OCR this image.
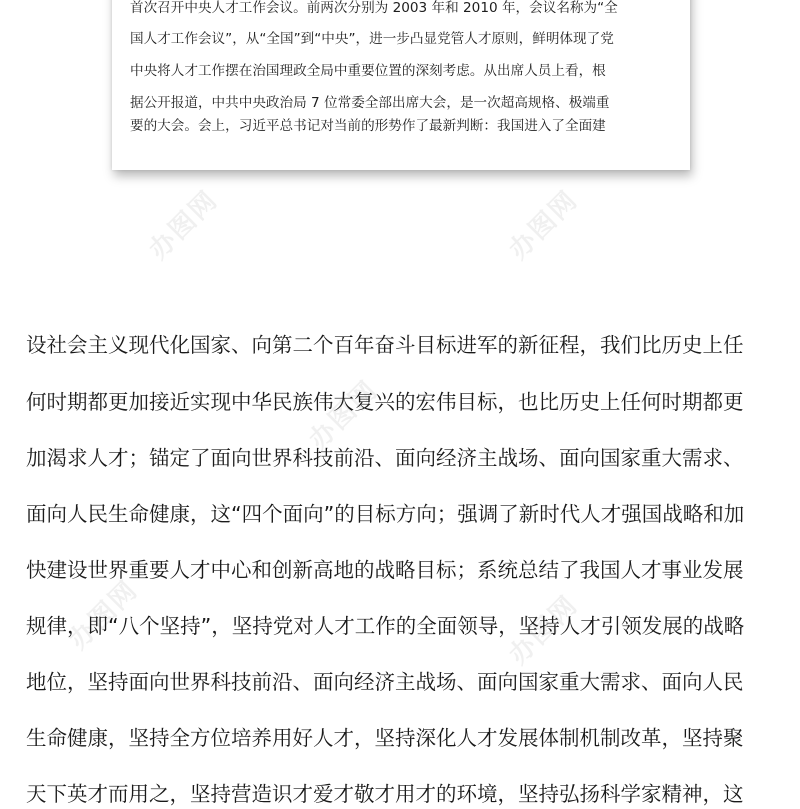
办图网	办图网
办图网
办图网	办图网
首次召开中央人才工作会议。前两次分别为 2003 年和 2010 年，会议名称为“全
国人才工作会议”，从“全国”到“中央”，进一步凸显党管人才原则，鲜明体现了党
中央将人才工作摆在治国理政全局中重要位置的深刻考虑。从出席人员上看，根
据公开报道，中共中央政治局 7 位常委全部出席大会，是一次超高规格、极端重
要的大会。会上，习近平总书记对当前的形势作了最新判断：我国进入了全面建
设社会主义现代化国家、向第二个百年奋斗目标进军的新征程，我们比历史上任
何时期都更加接近实现中华民族伟大复兴的宏伟目标，也比历史上任何时期都更
加渴求人才；锚定了面向世界科技前沿、面向经济主战场、面向国家重大需求、
面向人民生命健康，这“四个面向”的目标方向；强调了新时代人才强国战略和加
快建设世界重要人才中心和创新高地的战略目标；系统总结了我国人才事业发展
规律，即“八个坚持”，坚持党对人才工作的全面领导，坚持人才引领发展的战略
地位，坚持面向世界科技前沿、面向经济主战场、面向国家重大需求、面向人民
生命健康，坚持全方位培养用好人才，坚持深化人才发展体制机制改革，坚持聚
天下英才而用之，坚持营造识才爱才敬才用才的环境，坚持弘扬科学家精神，这
